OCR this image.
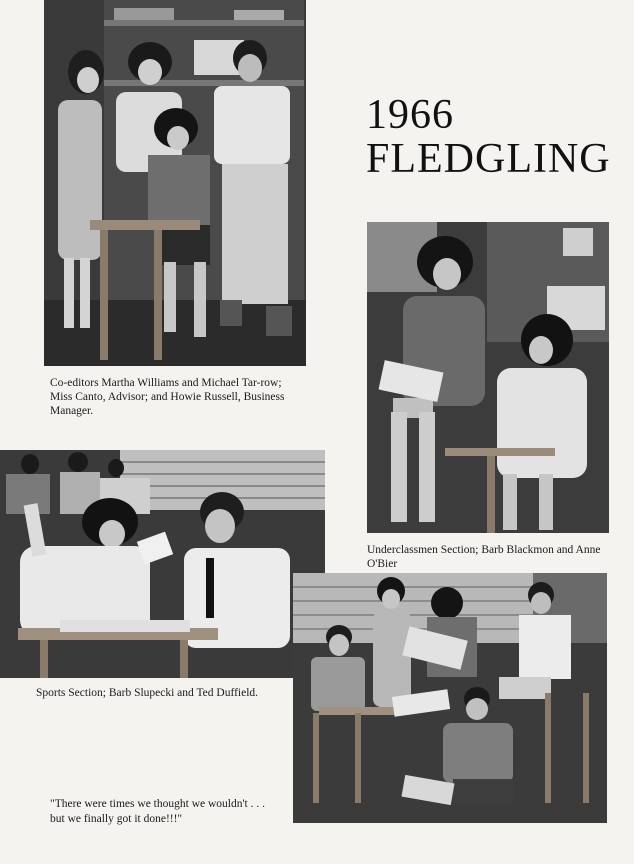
1966
FLEDGLING
Co-editors Martha Williams and Michael Tar-row; Miss Canto, Advisor; and Howie Russell, Business Manager.
Underclassmen Section; Barb Blackmon and Anne O'Bier
Sports Section; Barb Slupecki and Ted Duffield.
"There were times we thought we wouldn't . . . but we finally got it done!!!"
